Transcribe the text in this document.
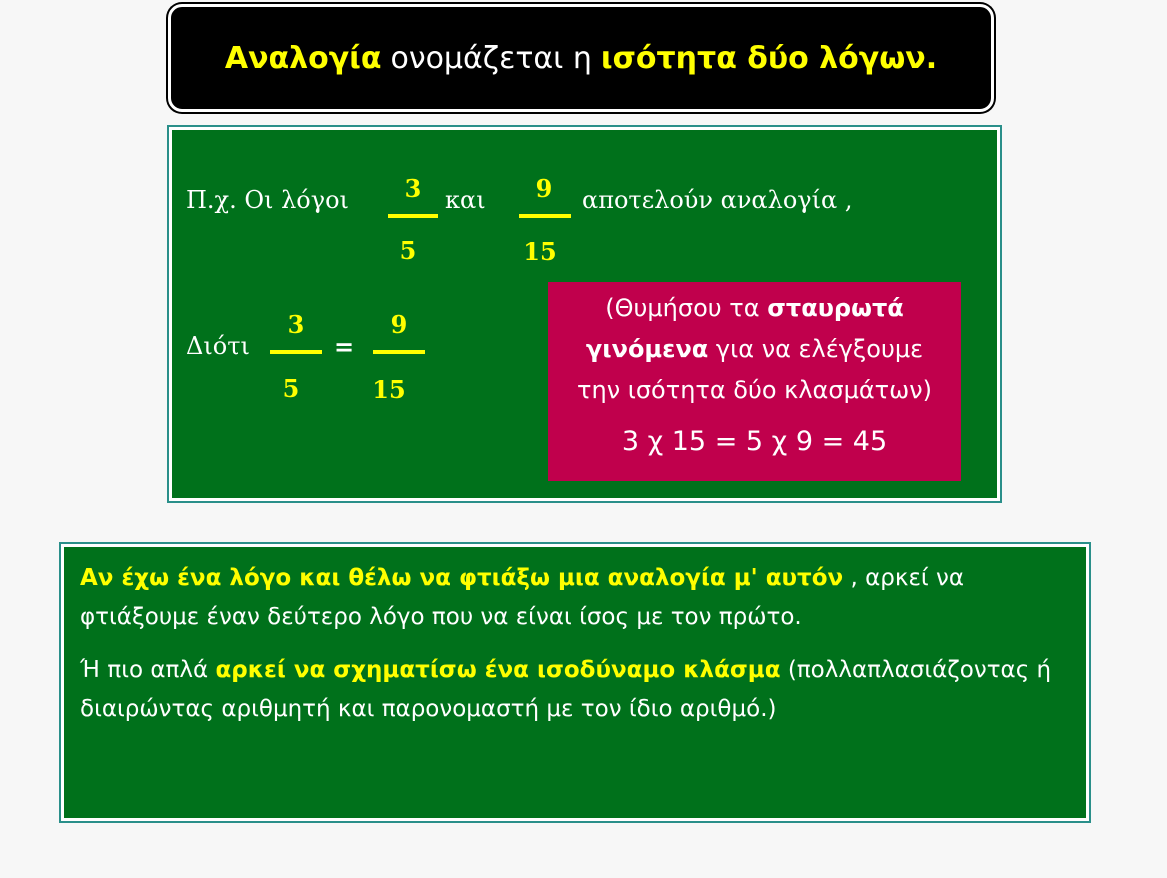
Αναλογία ονομάζεται η ισότητα δύο λόγων.
Π.χ. Οι λόγοι	3
5
και	9
15
αποτελούν αναλογία ,
Διότι
3
5
=
9
15
(Θυμήσου τα σταυρωτά
γινόμενα για να ελέγξουμε
την ισότητα δύο κλασμάτων)
3 χ 15 = 5 χ 9 = 45

Αν έχω ένα λόγο και θέλω να φτιάξω μια αναλογία μ' αυτόν , αρκεί να φτιάξουμε έναν δεύτερο λόγο που να είναι ίσος με τον πρώτο.

Ή πιο απλά αρκεί να σχηματίσω ένα ισοδύναμο κλάσμα (πολλαπλασιάζοντας ή διαιρώντας αριθμητή και παρονομαστή με τον ίδιο αριθμό.)
